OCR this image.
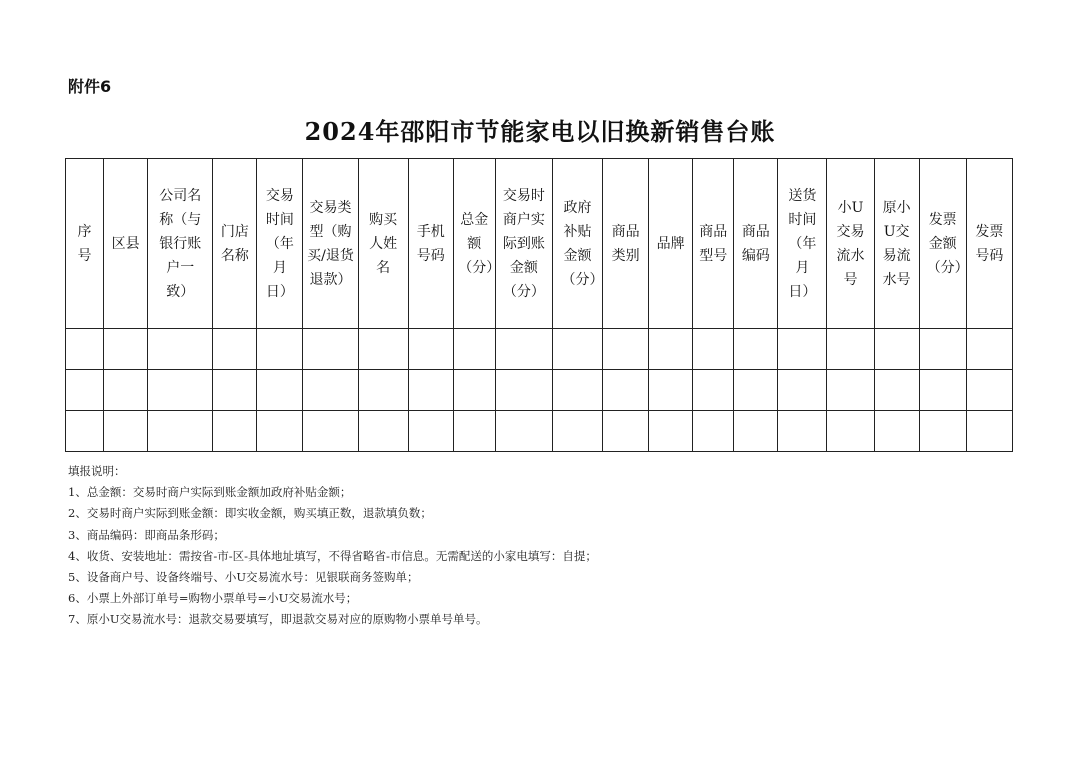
附件6
2024年邵阳市节能家电以旧换新销售台账
序号	区县	公司名称（与银行账户一致）	门店名称	交易时间（年月日）	交易类型（购买/退货退款）	购买人姓名	手机号码	总金额（分）	交易时商户实际到账金额（分）	政府补贴金额（分）	商品类别	品牌	商品型号	商品编码	送货时间（年月日）	小U交易流水号	原小U交易流水号	发票金额（分）	发票号码

填报说明：
1、总金额：交易时商户实际到账金额加政府补贴金额；
2、交易时商户实际到账金额：即实收金额，购买填正数，退款填负数；
3、商品编码：即商品条形码；
4、收货、安装地址：需按省-市-区-具体地址填写，不得省略省-市信息。无需配送的小家电填写：自提；
5、设备商户号、设备终端号、小U交易流水号：见银联商务签购单；
6、小票上外部订单号=购物小票单号=小U交易流水号；
7、原小U交易流水号：退款交易要填写，即退款交易对应的原购物小票单号单号。
